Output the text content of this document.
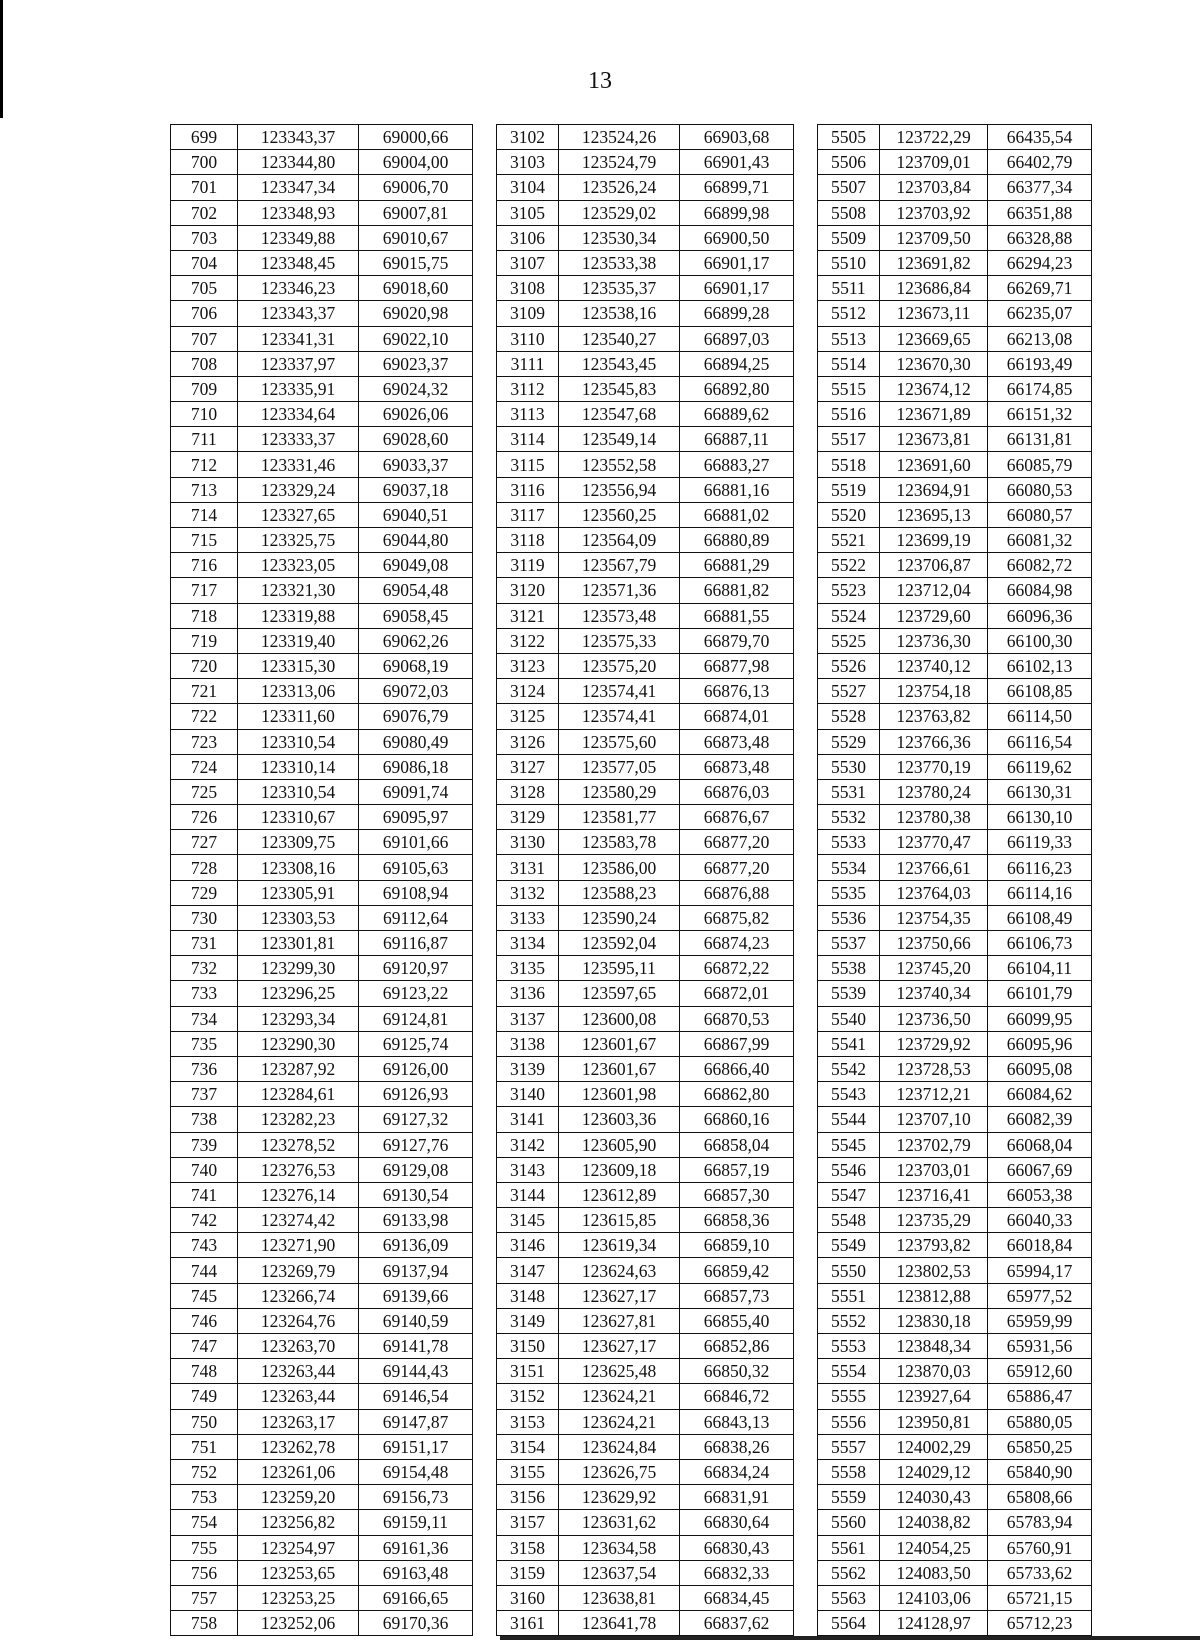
13
699	123343,37	69000,66		3102	123524,26	66903,68		5505	123722,29	66435,54
700	123344,80	69004,00		3103	123524,79	66901,43		5506	123709,01	66402,79
701	123347,34	69006,70		3104	123526,24	66899,71		5507	123703,84	66377,34
702	123348,93	69007,81		3105	123529,02	66899,98		5508	123703,92	66351,88
703	123349,88	69010,67		3106	123530,34	66900,50		5509	123709,50	66328,88
704	123348,45	69015,75		3107	123533,38	66901,17		5510	123691,82	66294,23
705	123346,23	69018,60		3108	123535,37	66901,17		5511	123686,84	66269,71
706	123343,37	69020,98		3109	123538,16	66899,28		5512	123673,11	66235,07
707	123341,31	69022,10		3110	123540,27	66897,03		5513	123669,65	66213,08
708	123337,97	69023,37		3111	123543,45	66894,25		5514	123670,30	66193,49
709	123335,91	69024,32		3112	123545,83	66892,80		5515	123674,12	66174,85
710	123334,64	69026,06		3113	123547,68	66889,62		5516	123671,89	66151,32
711	123333,37	69028,60		3114	123549,14	66887,11		5517	123673,81	66131,81
712	123331,46	69033,37		3115	123552,58	66883,27		5518	123691,60	66085,79
713	123329,24	69037,18		3116	123556,94	66881,16		5519	123694,91	66080,53
714	123327,65	69040,51		3117	123560,25	66881,02		5520	123695,13	66080,57
715	123325,75	69044,80		3118	123564,09	66880,89		5521	123699,19	66081,32
716	123323,05	69049,08		3119	123567,79	66881,29		5522	123706,87	66082,72
717	123321,30	69054,48		3120	123571,36	66881,82		5523	123712,04	66084,98
718	123319,88	69058,45		3121	123573,48	66881,55		5524	123729,60	66096,36
719	123319,40	69062,26		3122	123575,33	66879,70		5525	123736,30	66100,30
720	123315,30	69068,19		3123	123575,20	66877,98		5526	123740,12	66102,13
721	123313,06	69072,03		3124	123574,41	66876,13		5527	123754,18	66108,85
722	123311,60	69076,79		3125	123574,41	66874,01		5528	123763,82	66114,50
723	123310,54	69080,49		3126	123575,60	66873,48		5529	123766,36	66116,54
724	123310,14	69086,18		3127	123577,05	66873,48		5530	123770,19	66119,62
725	123310,54	69091,74		3128	123580,29	66876,03		5531	123780,24	66130,31
726	123310,67	69095,97		3129	123581,77	66876,67		5532	123780,38	66130,10
727	123309,75	69101,66		3130	123583,78	66877,20		5533	123770,47	66119,33
728	123308,16	69105,63		3131	123586,00	66877,20		5534	123766,61	66116,23
729	123305,91	69108,94		3132	123588,23	66876,88		5535	123764,03	66114,16
730	123303,53	69112,64		3133	123590,24	66875,82		5536	123754,35	66108,49
731	123301,81	69116,87		3134	123592,04	66874,23		5537	123750,66	66106,73
732	123299,30	69120,97		3135	123595,11	66872,22		5538	123745,20	66104,11
733	123296,25	69123,22		3136	123597,65	66872,01		5539	123740,34	66101,79
734	123293,34	69124,81		3137	123600,08	66870,53		5540	123736,50	66099,95
735	123290,30	69125,74		3138	123601,67	66867,99		5541	123729,92	66095,96
736	123287,92	69126,00		3139	123601,67	66866,40		5542	123728,53	66095,08
737	123284,61	69126,93		3140	123601,98	66862,80		5543	123712,21	66084,62
738	123282,23	69127,32		3141	123603,36	66860,16		5544	123707,10	66082,39
739	123278,52	69127,76		3142	123605,90	66858,04		5545	123702,79	66068,04
740	123276,53	69129,08		3143	123609,18	66857,19		5546	123703,01	66067,69
741	123276,14	69130,54		3144	123612,89	66857,30		5547	123716,41	66053,38
742	123274,42	69133,98		3145	123615,85	66858,36		5548	123735,29	66040,33
743	123271,90	69136,09		3146	123619,34	66859,10		5549	123793,82	66018,84
744	123269,79	69137,94		3147	123624,63	66859,42		5550	123802,53	65994,17
745	123266,74	69139,66		3148	123627,17	66857,73		5551	123812,88	65977,52
746	123264,76	69140,59		3149	123627,81	66855,40		5552	123830,18	65959,99
747	123263,70	69141,78		3150	123627,17	66852,86		5553	123848,34	65931,56
748	123263,44	69144,43		3151	123625,48	66850,32		5554	123870,03	65912,60
749	123263,44	69146,54		3152	123624,21	66846,72		5555	123927,64	65886,47
750	123263,17	69147,87		3153	123624,21	66843,13		5556	123950,81	65880,05
751	123262,78	69151,17		3154	123624,84	66838,26		5557	124002,29	65850,25
752	123261,06	69154,48		3155	123626,75	66834,24		5558	124029,12	65840,90
753	123259,20	69156,73		3156	123629,92	66831,91		5559	124030,43	65808,66
754	123256,82	69159,11		3157	123631,62	66830,64		5560	124038,82	65783,94
755	123254,97	69161,36		3158	123634,58	66830,43		5561	124054,25	65760,91
756	123253,65	69163,48		3159	123637,54	66832,33		5562	124083,50	65733,62
757	123253,25	69166,65		3160	123638,81	66834,45		5563	124103,06	65721,15
758	123252,06	69170,36		3161	123641,78	66837,62		5564	124128,97	65712,23
